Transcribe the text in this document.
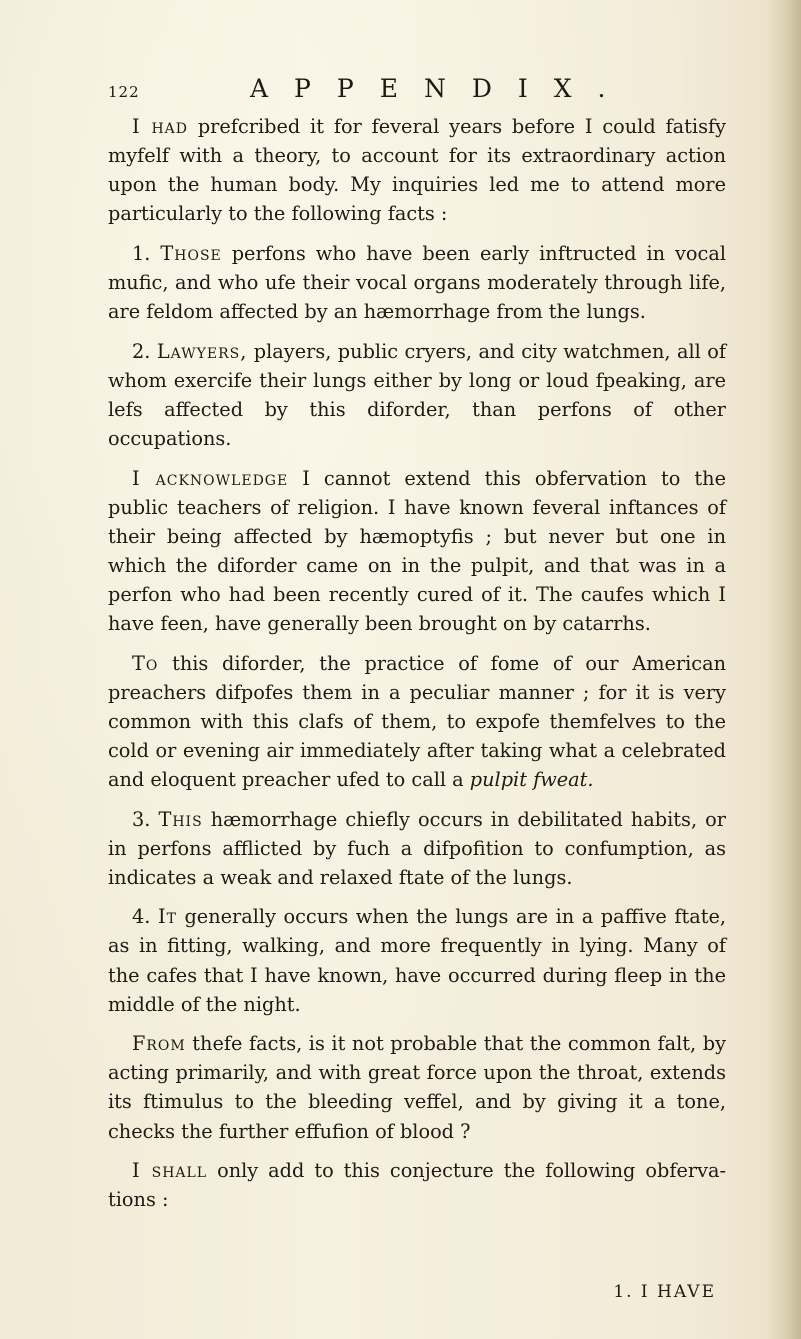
122	APPENDIX.

I had prefcribed it for feveral years before I could fatisfy myfelf with a theory, to account for its extraordinary action upon the human body. My inquiries led me to attend more particularly to the following facts :

1. Those perfons who have been early inftructed in vocal mufic, and who ufe their vocal organs moderately through life, are feldom affected by an hæmorrhage from the lungs.

2. Lawyers, players, public cryers, and city watchmen, all of whom exercife their lungs either by long or loud fpeaking, are lefs affected by this diforder, than perfons of other occupations.

I acknowledge I cannot extend this obfervation to the public teachers of religion. I have known feveral inftances of their being affected by hæmoptyfis ; but never but one in which the diforder came on in the pulpit, and that was in a perfon who had been recently cured of it. The caufes which I have feen, have generally been brought on by catarrhs.

To this diforder, the practice of fome of our American preachers difpofes them in a peculiar manner ; for it is very common with this clafs of them, to expofe themfelves to the cold or evening air immediately after taking what a celebrated and eloquent preacher ufed to call a pulpit fweat.

3. This hæmorrhage chiefly occurs in debilitated habits, or in perfons afflicted by fuch a difpofition to confumption, as indicates a weak and relaxed ftate of the lungs.

4. It generally occurs when the lungs are in a paffive ftate, as in fitting, walking, and more frequently in lying. Many of the cafes that I have known, have occurred during fleep in the middle of the night.

From thefe facts, is it not probable that the common falt, by acting primarily, and with great force upon the throat, extends its ftimulus to the bleeding veffel, and by giving it a tone, checks the further effufion of blood ?

I shall only add to this conjecture the following obfervations :

1. I HAVE
